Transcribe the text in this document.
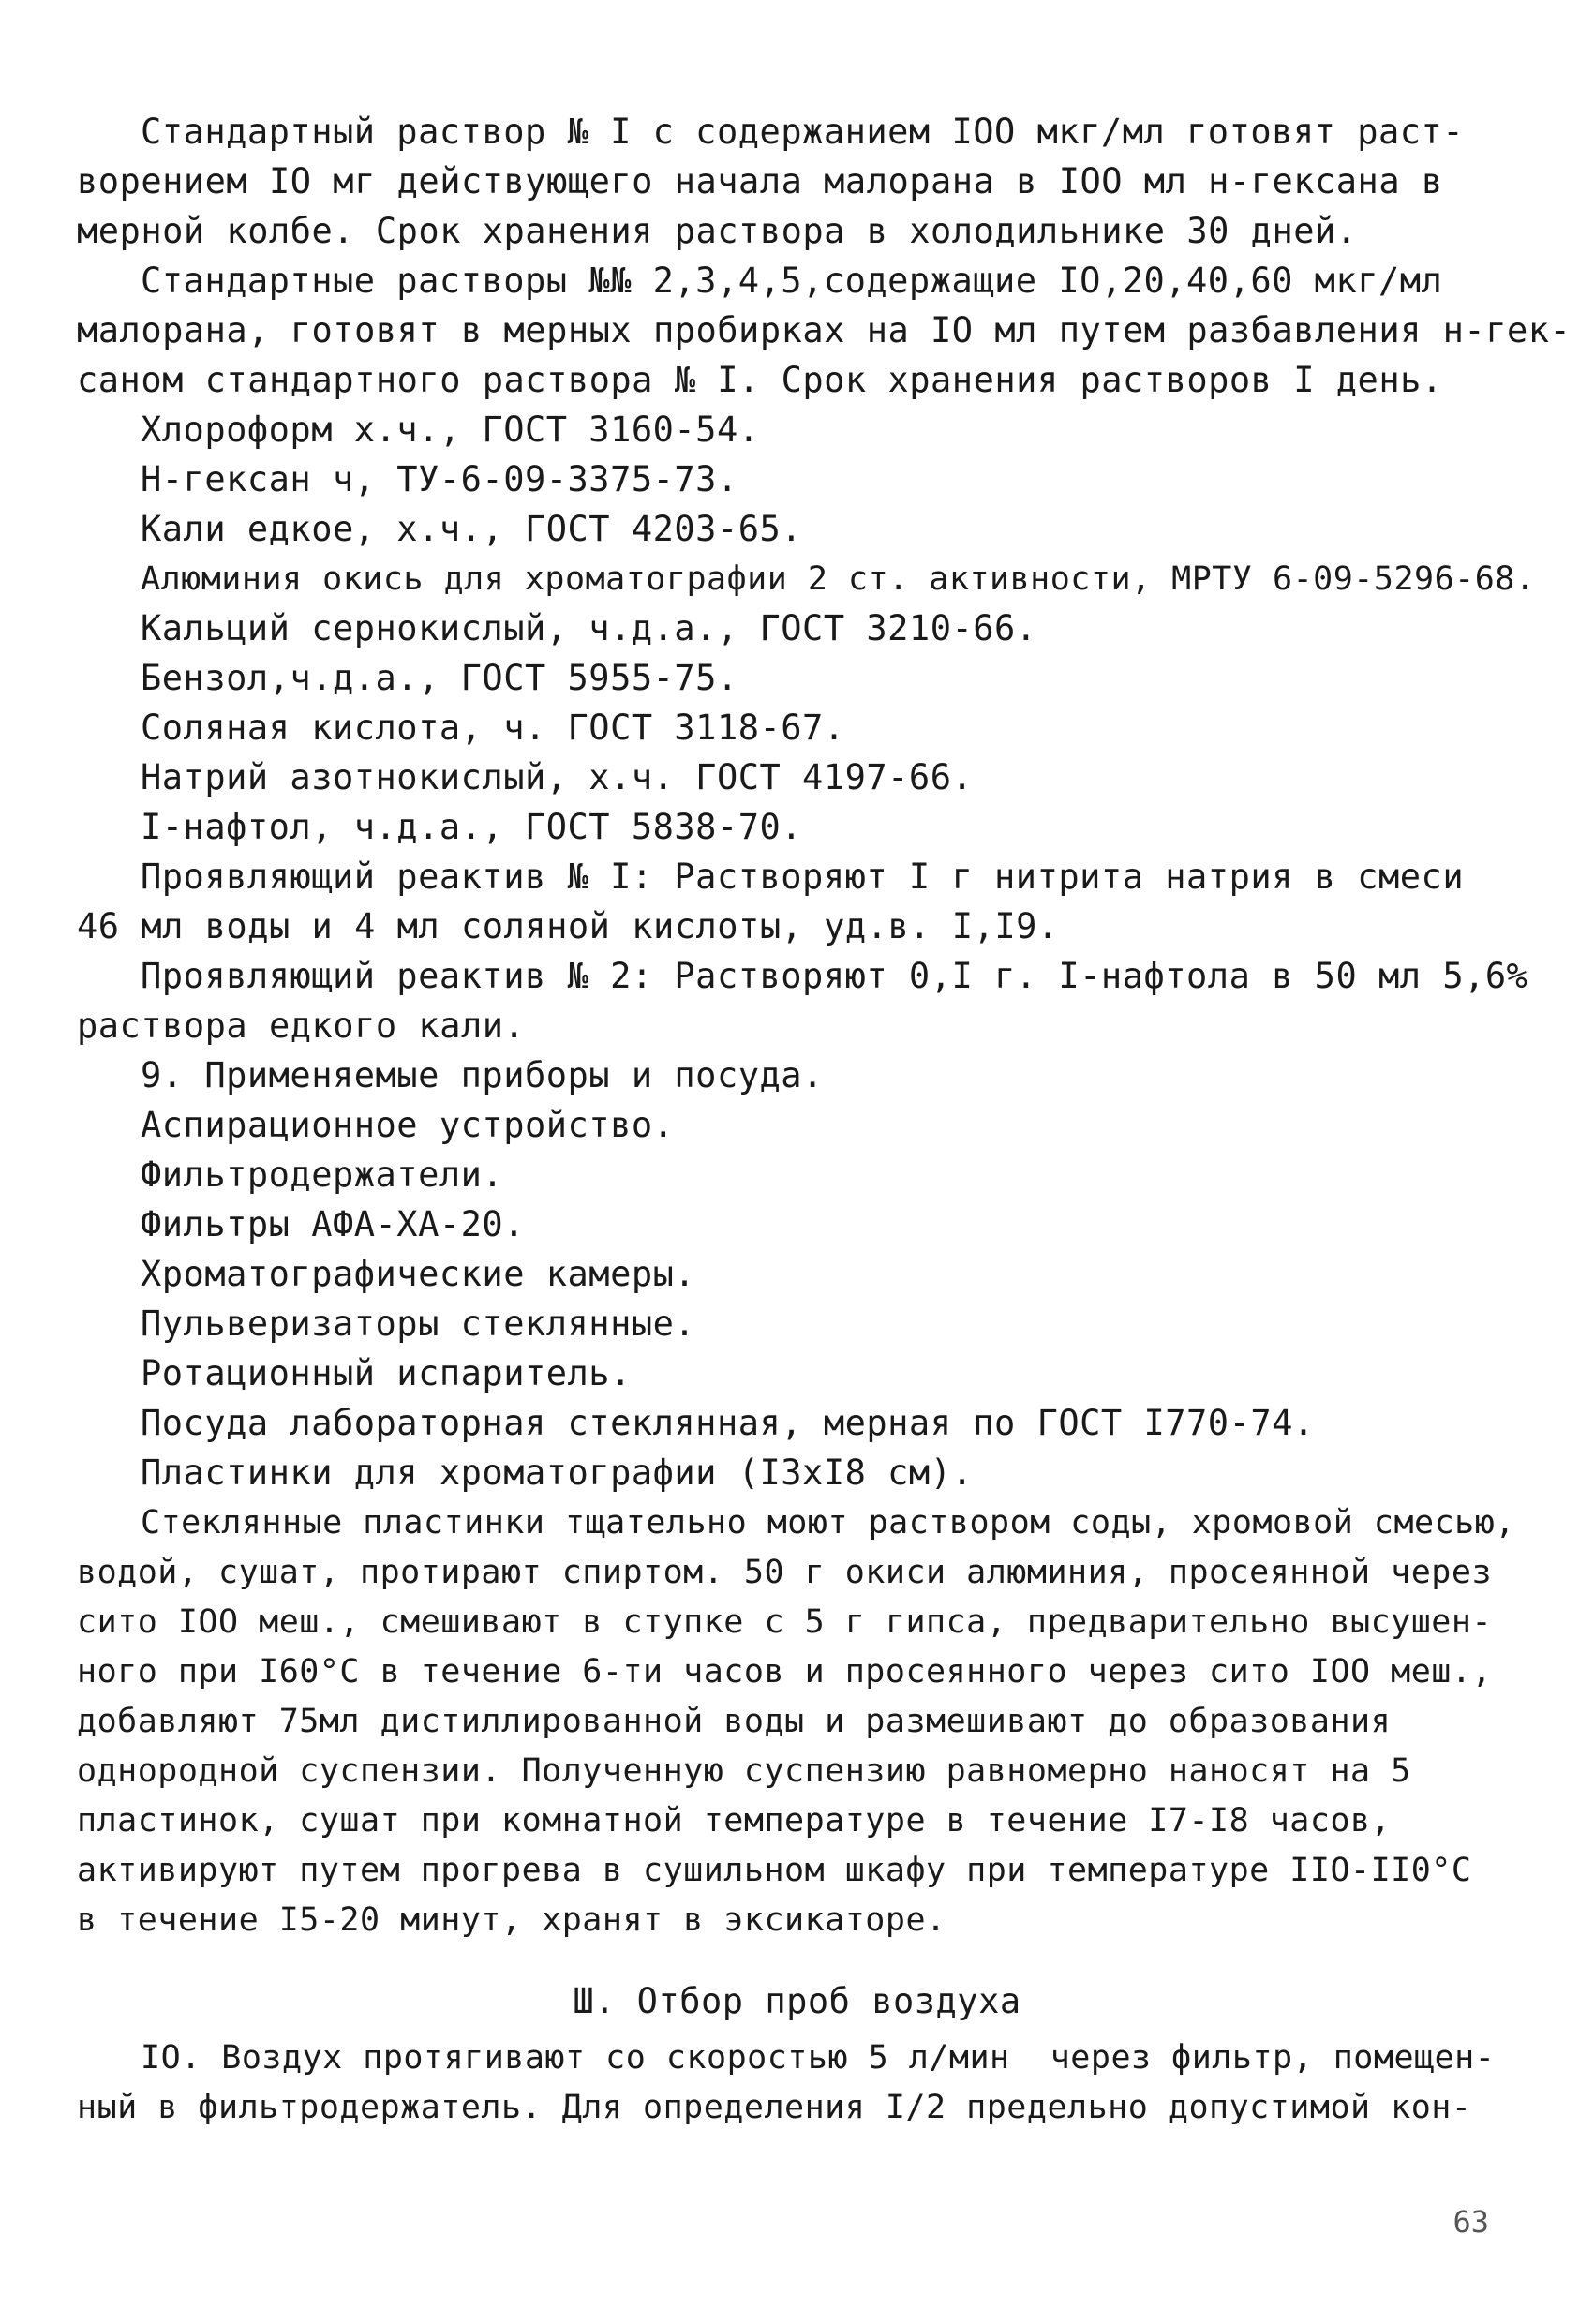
Стандартный раствор № I с содержанием IOO мкг/мл готовят раст-
ворением IO мг действующего начала малорана в IOO мл н-гексана в
мерной колбе. Срок хранения раствора в холодильнике 30 дней.
Стандартные растворы №№ 2,3,4,5,содержащие IO,20,40,60 мкг/мл
малорана, готовят в мерных пробирках на IO мл путем разбавления н-гек-
саном стандартного раствора № I. Срок хранения растворов I день.
Хлороформ х.ч., ГОСТ 3160-54.
Н-гексан ч, ТУ-6-09-3375-73.
Кали едкое, х.ч., ГОСТ 4203-65.
Алюминия окись для хроматографии 2 ст. активности, МРТУ 6-09-5296-68.
Кальций сернокислый, ч.д.а., ГОСТ 3210-66.
Бензол,ч.д.а., ГОСТ 5955-75.
Соляная кислота, ч. ГОСТ 3118-67.
Натрий азотнокислый, х.ч. ГОСТ 4197-66.
I-нафтол, ч.д.а., ГОСТ 5838-70.
Проявляющий реактив № I: Растворяют I г нитрита натрия в смеси
46 мл воды и 4 мл соляной кислоты, уд.в. I,I9.
Проявляющий реактив № 2: Растворяют 0,I г. I-нафтола в 50 мл 5,6%
раствора едкого кали.
9. Применяемые приборы и посуда.
Аспирационное устройство.
Фильтродержатели.
Фильтры АФА-ХА-20.
Хроматографические камеры.
Пульверизаторы стеклянные.
Ротационный испаритель.
Посуда лабораторная стеклянная, мерная по ГОСТ I770-74.
Пластинки для хроматографии (I3хI8 см).
Стеклянные пластинки тщательно моют раствором соды, хромовой смесью,
водой, сушат, протирают спиртом. 50 г окиси алюминия, просеянной через
сито IOO меш., смешивают в ступке с 5 г гипса, предварительно высушен-
ного при I60°С в течение 6-ти часов и просеянного через сито IOO меш.,
добавляют 75мл дистиллированной воды и размешивают до образования
однородной суспензии. Полученную суспензию равномерно наносят на 5
пластинок, сушат при комнатной температуре в течение I7-I8 часов,
активируют путем прогрева в сушильном шкафу при температуре IIO-II0°С
в течение I5-20 минут, хранят в эксикаторе.
Ш. Отбор проб воздуха
IO. Воздух протягивают со скоростью 5 л/мин  через фильтр, помещен-
ный в фильтродержатель. Для определения I/2 предельно допустимой кон-
63
